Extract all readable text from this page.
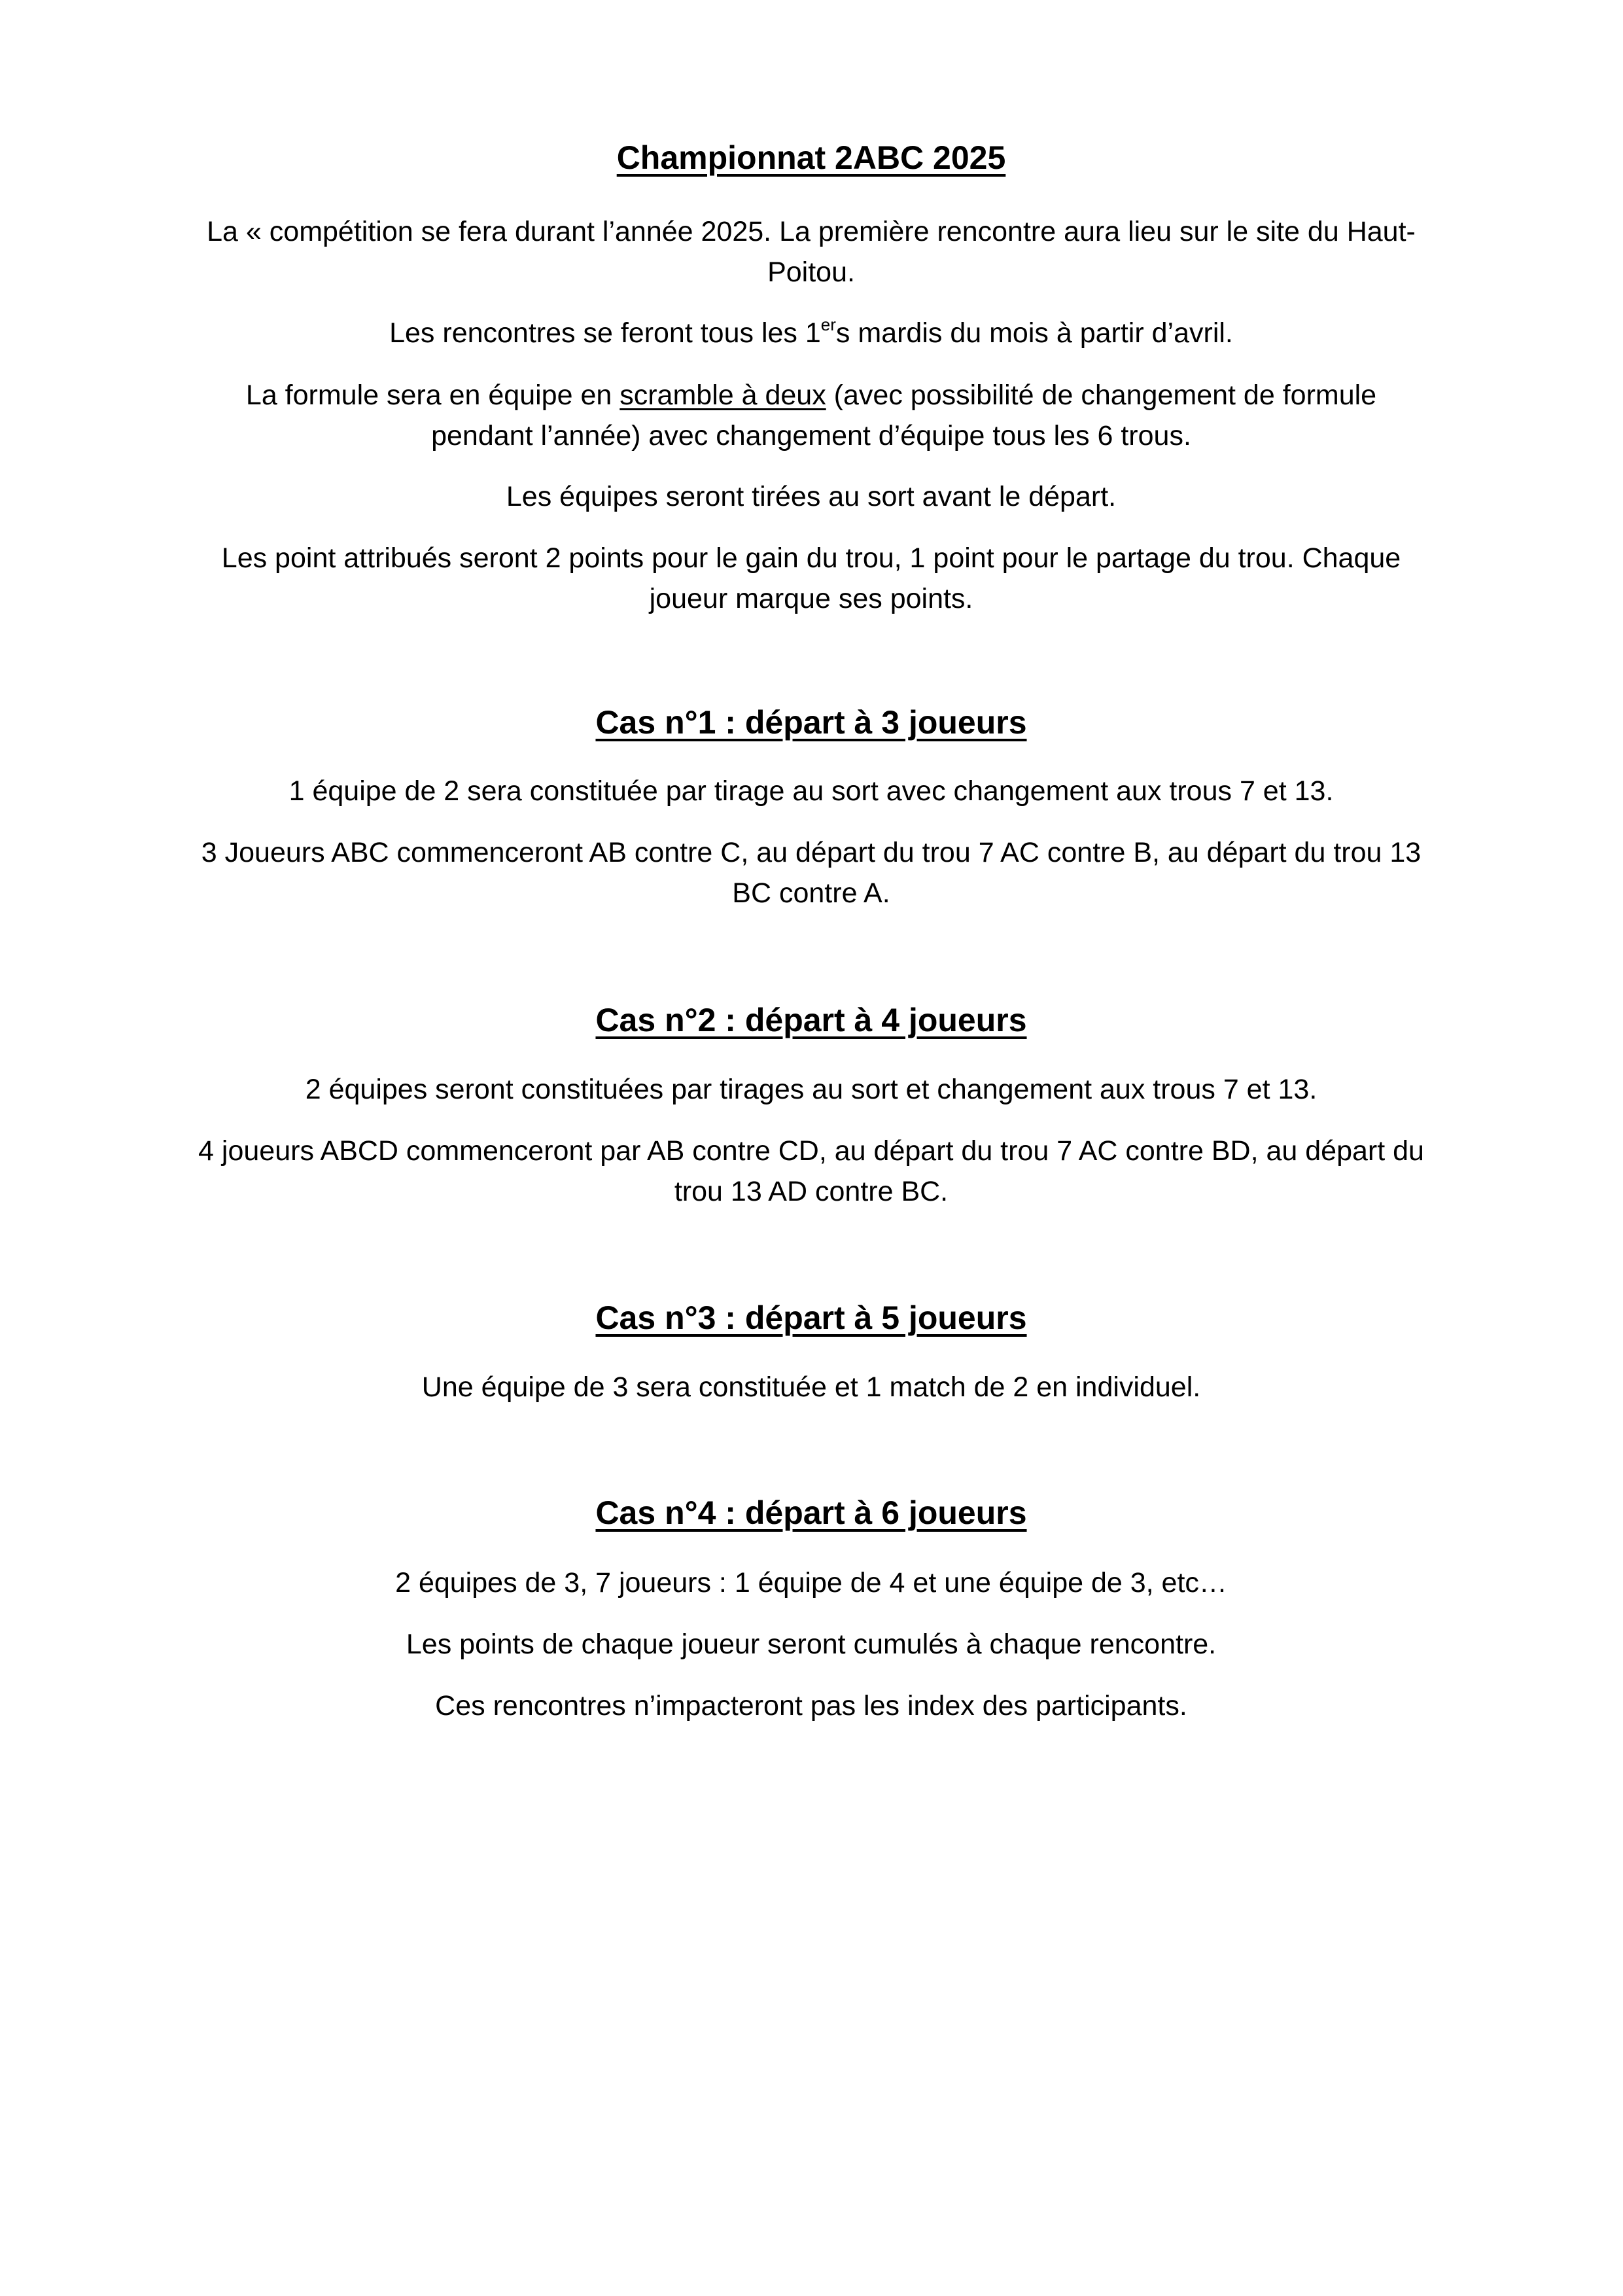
Championnat 2ABC 2025

La « compétition se fera durant l’année 2025. La première rencontre aura lieu sur le site du Haut-Poitou.

Les rencontres se feront tous les 1ers mardis du mois à partir d’avril.

La formule sera en équipe en scramble à deux (avec possibilité de changement de formule pendant l’année) avec changement d’équipe tous les 6 trous.

Les équipes seront tirées au sort avant le départ.

Les point attribués seront 2 points pour le gain du trou, 1 point pour le partage du trou. Chaque joueur marque ses points.

Cas n°1 : départ à 3 joueurs

1 équipe de 2 sera constituée par tirage au sort avec changement aux trous 7 et 13.

3 Joueurs ABC commenceront AB contre C, au départ du trou 7 AC contre B, au départ du trou 13 BC contre A.

Cas n°2 : départ à 4 joueurs

2 équipes seront constituées par tirages au sort et changement aux trous 7 et 13.

4 joueurs ABCD commenceront par AB contre CD, au départ du trou 7 AC contre BD, au départ du trou 13 AD contre BC.

Cas n°3 : départ à 5 joueurs

Une équipe de 3 sera constituée et 1 match de 2 en individuel.

Cas n°4 : départ à 6 joueurs

2 équipes de 3, 7 joueurs : 1 équipe de 4 et une équipe de 3, etc…

Les points de chaque joueur seront cumulés à chaque rencontre.

Ces rencontres n’impacteront pas les index des participants.
